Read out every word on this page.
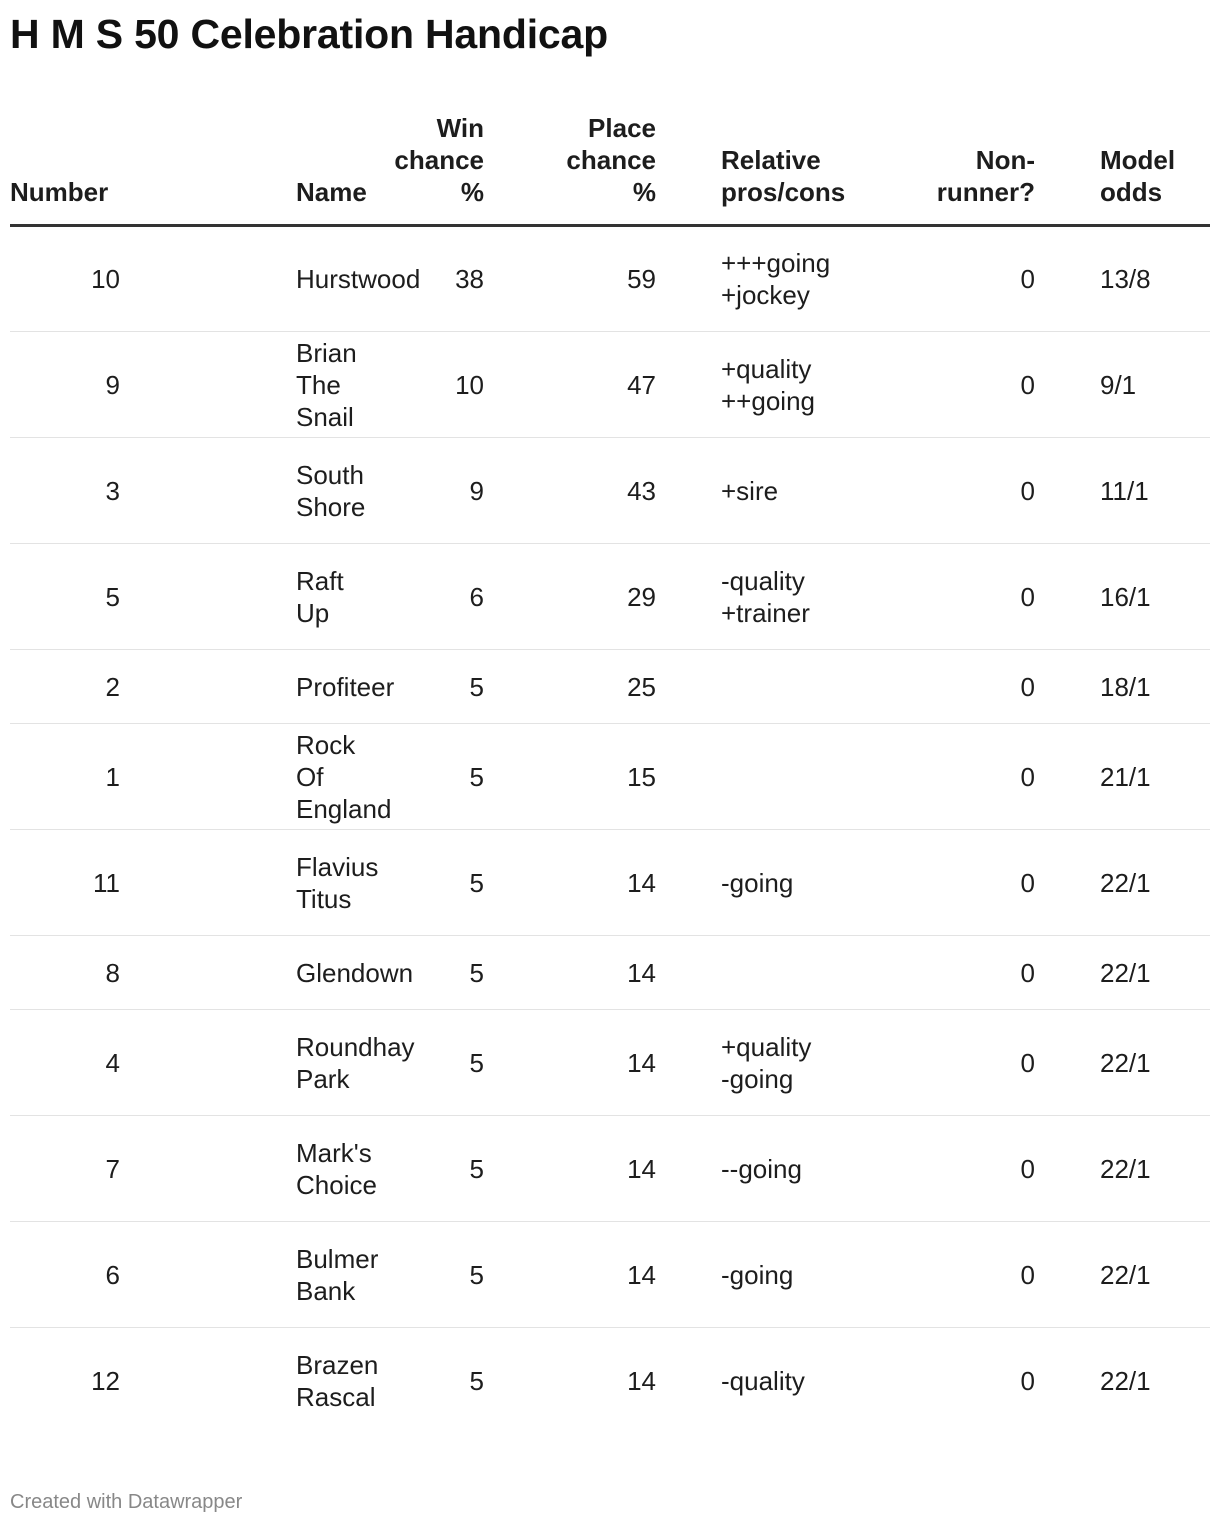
H M S 50 Celebration Handicap
Number	Name	Win
chance
%	Place
chance
%	Relative
pros/cons	Non-
runner?	Model
odds

10	Hurstwood	38	59	+++going
+jockey	0	13/8
9	Brian The
Snail	10	47	+quality
++going	0	9/1
3	South
Shore	9	43	+sire	0	11/1
5	Raft Up	6	29	-quality
+trainer	0	16/1
2	Profiteer	5	25		0	18/1
1	Rock Of
England	5	15		0	21/1
11	Flavius
Titus	5	14	-going	0	22/1
8	Glendown	5	14		0	22/1
4	Roundhay
Park	5	14	+quality
-going	0	22/1
7	Mark's
Choice	5	14	--going	0	22/1
6	Bulmer
Bank	5	14	-going	0	22/1
12	Brazen
Rascal	5	14	-quality	0	22/1
Created with Datawrapper
